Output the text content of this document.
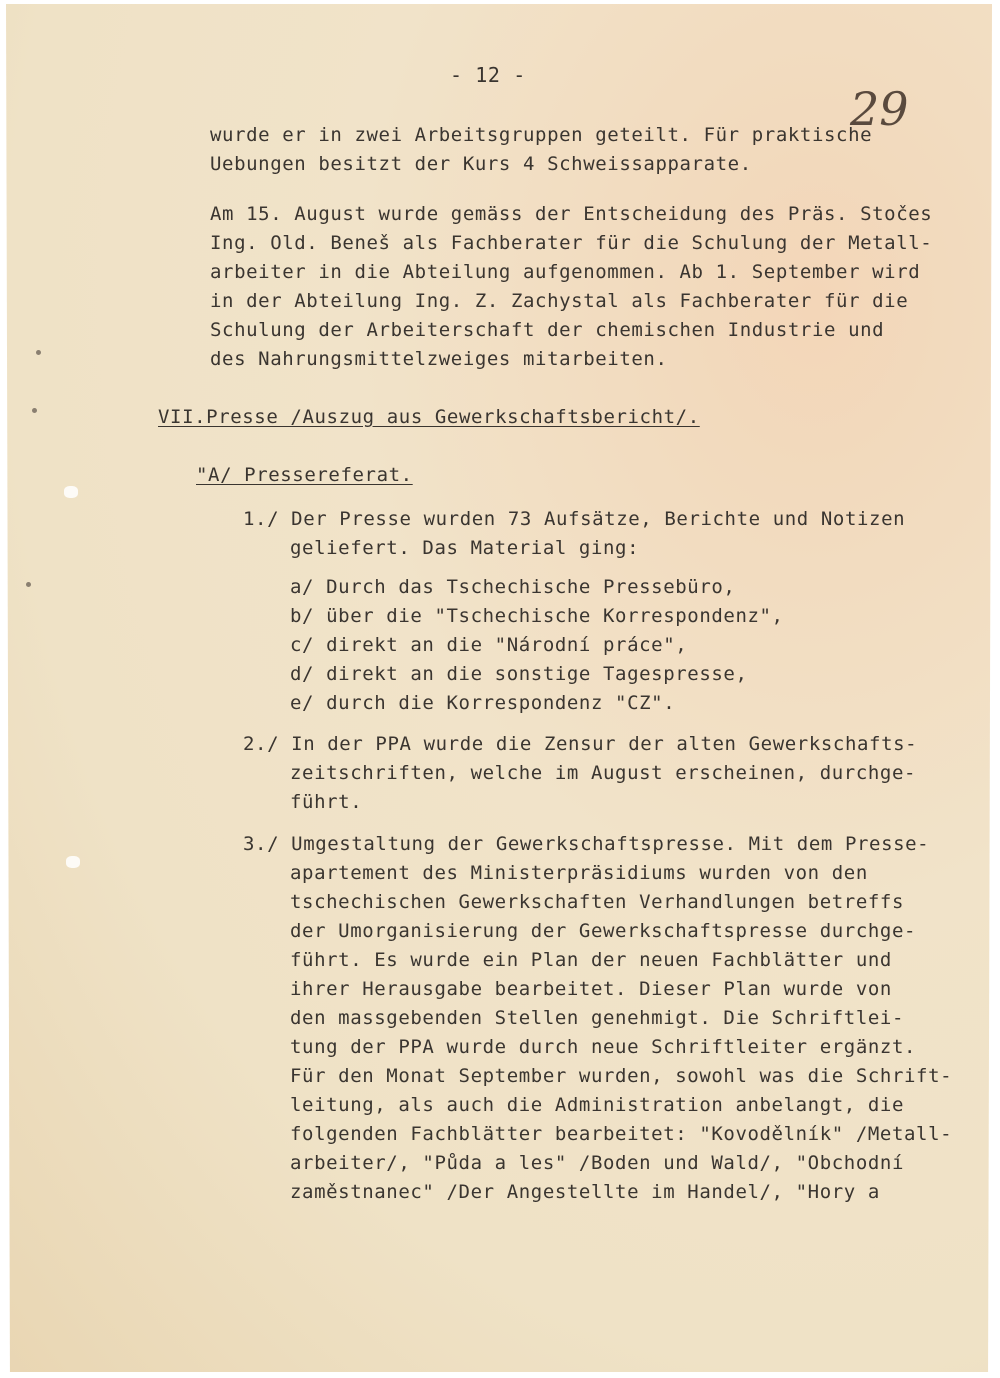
- 12 -
29
wurde er in zwei Arbeitsgruppen geteilt. Für praktische
Uebungen besitzt der Kurs 4 Schweissapparate.
Am 15. August wurde gemäss der Entscheidung des Präs. Stočes
Ing. Old. Beneš als Fachberater für die Schulung der Metall-
arbeiter in die Abteilung aufgenommen. Ab 1. September wird
in der Abteilung Ing. Z. Zachystal als Fachberater für die
Schulung der Arbeiterschaft der chemischen Industrie und
des Nahrungsmittelzweiges mitarbeiten.
VII.Presse /Auszug aus Gewerkschaftsbericht/.
"A/ Pressereferat.
1./ Der Presse wurden 73 Aufsätze, Berichte und Notizen
geliefert. Das Material ging:
a/ Durch das Tschechische Pressebüro,
b/ über die "Tschechische Korrespondenz",
c/ direkt an die "Národní práce",
d/ direkt an die sonstige Tagespresse,
e/ durch die Korrespondenz "CZ".
2./ In der PPA wurde die Zensur der alten Gewerkschafts-
zeitschriften, welche im August erscheinen, durchge-
führt.
3./ Umgestaltung der Gewerkschaftspresse. Mit dem Presse-
apartement des Ministerpräsidiums wurden von den
tschechischen Gewerkschaften Verhandlungen betreffs
der Umorganisierung der Gewerkschaftspresse durchge-
führt. Es wurde ein Plan der neuen Fachblätter und
ihrer Herausgabe bearbeitet. Dieser Plan wurde von
den massgebenden Stellen genehmigt. Die Schriftlei-
tung der PPA wurde durch neue Schriftleiter ergänzt.
Für den Monat September wurden, sowohl was die Schrift-
leitung, als auch die Administration anbelangt, die
folgenden Fachblätter bearbeitet: "Kovodělník" /Metall-
arbeiter/, "Půda a les" /Boden und Wald/, "Obchodní
zaměstnanec" /Der Angestellte im Handel/, "Hory a
